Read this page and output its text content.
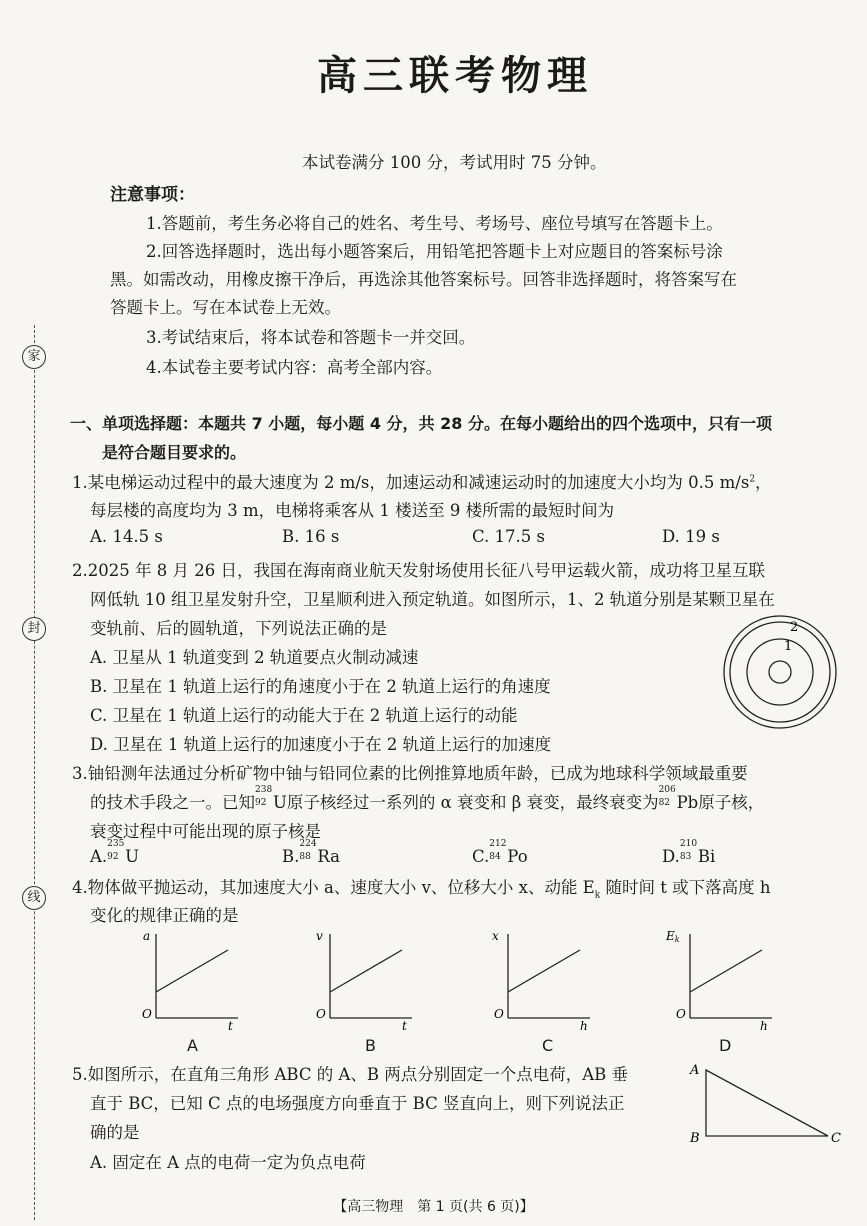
高三联考物理
本试卷满分 100 分，考试用时 75 分钟。
注意事项：
1.答题前，考生务必将自己的姓名、考生号、考场号、座位号填写在答题卡上。
2.回答选择题时，选出每小题答案后，用铅笔把答题卡上对应题目的答案标号涂
黑。如需改动，用橡皮擦干净后，再选涂其他答案标号。回答非选择题时，将答案写在
答题卡上。写在本试卷上无效。
3.考试结束后，将本试卷和答题卡一并交回。
4.本试卷主要考试内容：高考全部内容。
家
封
线
一、单项选择题：本题共 7 小题，每小题 4 分，共 28 分。在每小题给出的四个选项中，只有一项
是符合题目要求的。
1.某电梯运动过程中的最大速度为 2 m/s，加速运动和减速运动时的加速度大小均为 0.5 $m/s^2$，
每层楼的高度均为 3 m，电梯将乘客从 1 楼送至 9 楼所需的最短时间为
A. 14.5 s	B. 16 s	C. 17.5 s	D. 19 s
2.2025 年 8 月 26 日，我国在海南商业航天发射场使用长征八号甲运载火箭，成功将卫星互联
网低轨 10 组卫星发射升空，卫星顺利进入预定轨道。如图所示，1、2 轨道分别是某颗卫星在
变轨前、后的圆轨道，下列说法正确的是
A. 卫星从 1 轨道变到 2 轨道要点火制动减速
B. 卫星在 1 轨道上运行的角速度小于在 2 轨道上运行的角速度
C. 卫星在 1 轨道上运行的动能大于在 2 轨道上运行的动能
D. 卫星在 1 轨道上运行的加速度小于在 2 轨道上运行的加速度
2
1
3.铀铅测年法通过分析矿物中铀与铅同位素的比例推算地质年龄，已成为地球科学领域最重要
的技术手段之一。已知
238
92 U原子核经过一系列的 α 衰变和 β 衰变，最终衰变为
206
82 Pb原子核，
衰变过程中可能出现的原子核是
A.
235
92 U	B.
224
88 Ra	C.
212
84 Po	D.
210
83 Bi
4.物体做平抛运动，其加速度大小 a、速度大小 v、位移大小 x、动能 $E_k$ 随时间 t 或下落高度 h
变化的规律正确的是
a
O
t
A
v
O
t
B
x
O
h
C
Ek
O
h
D
5.如图所示，在直角三角形 ABC 的 A、B 两点分别固定一个点电荷，AB 垂
直于 BC，已知 C 点的电场强度方向垂直于 BC 竖直向上，则下列说法正
确的是
A. 固定在 A 点的电荷一定为负点电荷
A
B	C
【高三物理　第 1 页(共 6 页)】
